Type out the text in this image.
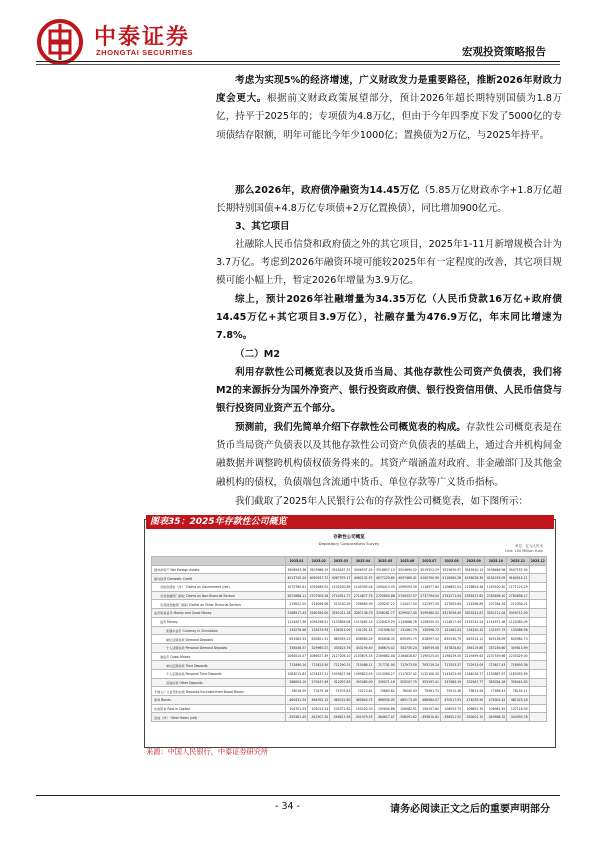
中泰证券
ZHONGTAI SECURITIES	宏观投资策略报告

考虑为实现5%的经济增速，广义财政发力是重要路径，推断2026年财政力度会更大。根据前文财政政策展望部分，预计2026年超长期特别国债为1.8万亿，持平于2025年的；专项债为4.8万亿，但由于今年四季度下发了5000亿的专项债结存限额，明年可能比今年少1000亿；置换债为2万亿，与2025年持平。

那么2026年，政府债净融资为14.45万亿（5.85万亿财政赤字+1.8万亿超长期特别国债+4.8万亿专项债+2万亿置换债），同比增加900亿元。

3、其它项目

社融除人民币信贷和政府债之外的其它项目，2025年1-11月新增规模合计为3.7万亿。考虑到2026年融资环境可能较2025年有一定程度的改善，其它项目规模可能小幅上升，暂定2026年增量为3.9万亿。

综上，预计2026年社融增量为34.35万亿（人民币贷款16万亿+政府债14.45万亿+其它项目3.9万亿），社融存量为476.9万亿，年末同比增速为7.8%。

（二）M2

利用存款性公司概览表以及货币当局、其他存款性公司资产负债表，我们将M2的来源拆分为国外净资产、银行投资政府债、银行投资信用债、人民币信贷与银行投资同业资产五个部分。

预测前，我们先简单介绍下存款性公司概览表的构成。存款性公司概览表是在货币当局资产负债表以及其他存款性公司资产负债表的基础上，通过合并机构间金融数据并调整跨机构债权债务得来的。其资产端涵盖对政府、非金融部门及其他金融机构的债权，负债端包含流通中货币、单位存款等广义货币指标。

我们截取了2025年人民银行公布的存款性公司概览表，如下图所示：

图表35：2025年存款性公司概览
存款性公司概览
Depository Corporations Survey	单位：亿元人民币
Unit: 100 Million Yuan
	2025.01	2025.02	2025.03	2025.04	2025.05	2025.06	2025.07	2025.08	2025.09	2025.10	2025.11	2025.12
国外净资产 Net Foreign Assets	3506943.36	3503986.15	3518187.31	3506537.55	3518857.10	3524890.52	3519322.29	3525630.97	3541810.12	3538466.98	3547152.34	
国内信贷 Domestic Credit	4013745.24	4050937.72	4067379.17	4062132.57	4077229.65	4097460.41	4100700.99	4118460.26	4156026.30	4154743.09	4164914.21	
对政府债权（净） Claims on Government (net)	1075780.61	1092649.02	1103230.89	1140395.48	1094413.49	1099593.30	1118977.84	1106692.54	1126693.48	1163100.40	1171124.29	
对非金融部门债权 Claims on Non-financial Sectors	2672686.11	2707303.26	2714921.77	2714877.75	2725804.88	2749337.57	2737794.04	2742271.54	2783317.62	2783498.30	2780638.17	
对其他金融部门债权 Claims on Other Financial Sectors	219622.55	214096.06	223130.39	208985.59	209247.22	214417.00	212397.35	217802.64	214596.89	207244.34	212036.21	
货币和准货币 Money and Quasi Money	3188917.43	3160784.00	3261012.18	3267136.70	3298281.77	3299507.45	3299460.32	3313056.49	3353241.87	3352111.04	3359712.09	
货币 Money	1124407.36	1094256.51	1133806.08	1113462.15	1128419.29	1134688.78	1108935.32	1114617.44	1133742.24	1114571.38	1124383.09	
流通中货币 Currency in Circulation	134278.46	133474.93	134021.09	131291.51	131096.52	131461.79	130998.72	131462.03	134310.32	132197.79	133586.36	
单位活期存款 Demand Deposits	651582.33	630821.51	669359.23	638980.24	650648.35	659491.75	628997.52	635330.79	643312.12	645136.99	640982.73	
个人活期存款 Personal Demand Deposits	338546.57	329960.07	330425.76	343190.40	346674.42	343735.24	348939.08	347824.62	356119.80	337236.60	349813.99	
准货币 Quasi-Money	2064510.07	2066527.49	2127206.10	2153674.55	2169862.48	2164818.67	2190525.00	2198439.05	2219499.63	2237539.66	2235329.00	
单位定期存款 Time Deposits	713490.14	712813.50	721290.31	710486.11	717731.04	717973.50	705219.24	717553.37	722913.09	723617.43	718493.36	
个人定期存款 Personal Time Deposits	1063015.83	1074437.51	1093817.96	1099823.45	1113060.27	1117637.42	1132108.35	1143425.49	1164018.77	1150887.97	1160393.99	
其他存款 Other Deposits	288004.10	279247.49	312097.83	343365.00	339071.16	329207.75	353197.41	337460.19	332567.77	363034.26	356441.65	
不纳入广义货币的存款 Deposits Excluded from Broad Money	76018.59	72479.18	74703.83	74213.61	74883.62	76045.43	75961.71	75912.36	79813.94	77466.43	78154.11	
债券 Bonds	460431.54	464952.15	465231.80	465843.72	466930.05	469173.49	468964.57	470517.93	474039.50	476302.42	481025.18	
实收资本 Paid-in Capital	104701.53	105013.24	105372.62	105420.33	105644.88	106082.91	106197.84	106553.73	106891.35	106961.45	107118.39	
其他（净） Other Items (net)	-350381.45	-342907.20	-346613.56	-341979.55	-364617.47	-356591.62	-359810.61	-356321.52	-350001.10	-349588.32	-344095.78	
来源：中国人民银行，中泰证券研究所
- 34 -	请务必阅读正文之后的重要声明部分
